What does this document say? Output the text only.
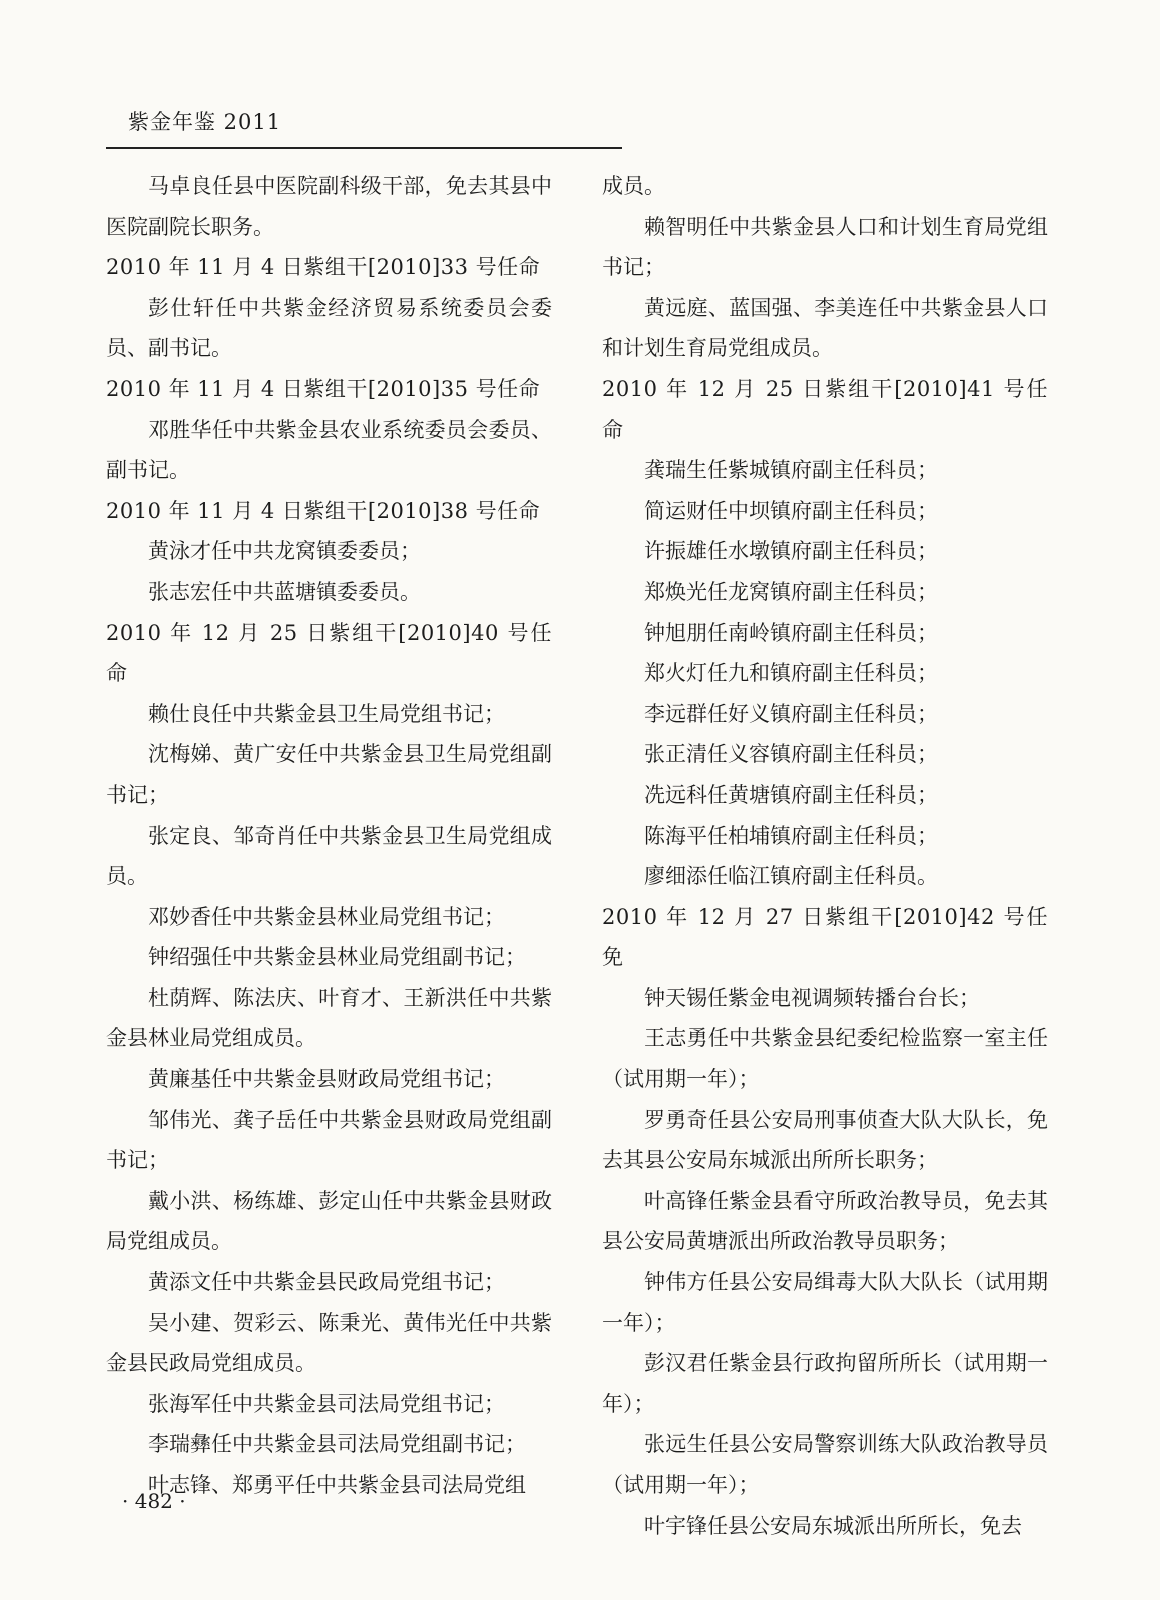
紫金年鉴 2011

马卓良任县中医院副科级干部，免去其县中医院副院长职务。

2010 年 11 月 4 日紫组干[2010]33 号任命

彭仕轩任中共紫金经济贸易系统委员会委员、副书记。

2010 年 11 月 4 日紫组干[2010]35 号任命

邓胜华任中共紫金县农业系统委员会委员、副书记。

2010 年 11 月 4 日紫组干[2010]38 号任命

黄泳才任中共龙窝镇委委员；

张志宏任中共蓝塘镇委委员。

2010 年 12 月 25 日紫组干[2010]40 号任命

赖仕良任中共紫金县卫生局党组书记；

沈梅娣、黄广安任中共紫金县卫生局党组副书记；

张定良、邹奇肖任中共紫金县卫生局党组成员。

邓妙香任中共紫金县林业局党组书记；

钟绍强任中共紫金县林业局党组副书记；

杜荫辉、陈法庆、叶育才、王新洪任中共紫金县林业局党组成员。

黄廉基任中共紫金县财政局党组书记；

邹伟光、龚子岳任中共紫金县财政局党组副书记；

戴小洪、杨练雄、彭定山任中共紫金县财政局党组成员。

黄添文任中共紫金县民政局党组书记；

吴小建、贺彩云、陈秉光、黄伟光任中共紫金县民政局党组成员。

张海军任中共紫金县司法局党组书记；

李瑞彝任中共紫金县司法局党组副书记；

叶志锋、郑勇平任中共紫金县司法局党组

成员。

赖智明任中共紫金县人口和计划生育局党组书记；

黄远庭、蓝国强、李美连任中共紫金县人口和计划生育局党组成员。

2010 年 12 月 25 日紫组干[2010]41 号任命

龚瑞生任紫城镇府副主任科员；

简运财任中坝镇府副主任科员；

许振雄任水墩镇府副主任科员；

郑焕光任龙窝镇府副主任科员；

钟旭朋任南岭镇府副主任科员；

郑火灯任九和镇府副主任科员；

李远群任好义镇府副主任科员；

张正清任义容镇府副主任科员；

冼远科任黄塘镇府副主任科员；

陈海平任柏埔镇府副主任科员；

廖细添任临江镇府副主任科员。

2010 年 12 月 27 日紫组干[2010]42 号任免

钟天锡任紫金电视调频转播台台长；

王志勇任中共紫金县纪委纪检监察一室主任（试用期一年）；

罗勇奇任县公安局刑事侦查大队大队长，免去其县公安局东城派出所所长职务；

叶高锋任紫金县看守所政治教导员，免去其县公安局黄塘派出所政治教导员职务；

钟伟方任县公安局缉毒大队大队长（试用期一年）；

彭汉君任紫金县行政拘留所所长（试用期一年）；

张远生任县公安局警察训练大队政治教导员（试用期一年）；

叶宇锋任县公安局东城派出所所长，免去

· 482 ·
